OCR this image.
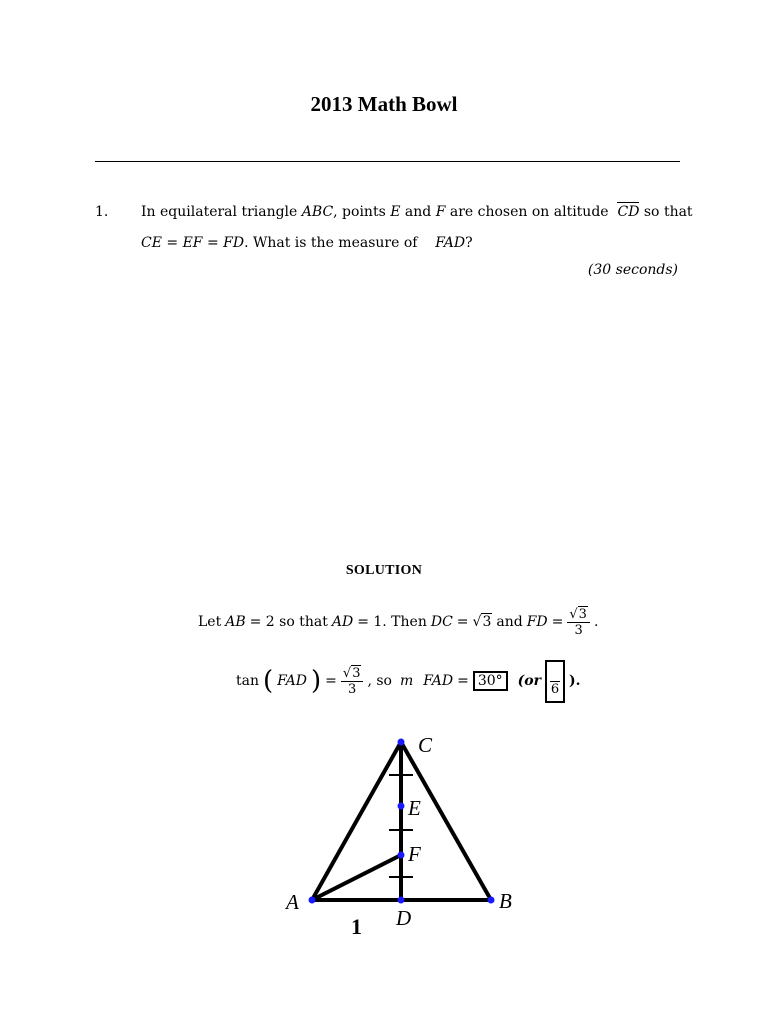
2013 Math Bowl
1. In equilateral triangle ABC, points E and F are chosen on altitude CD so that
CE = EF = FD. What is the measure of FAD?
(30 seconds)
SOLUTION
Let AB = 2 so that AD = 1. Then DC = √3 and FD = $\frac{√3}{3}$ .
tan ( FAD ) = $\frac{√3}{3}$ , so m FAD = 30°	(or 6 ).
C
E
F
A	B
D
1
